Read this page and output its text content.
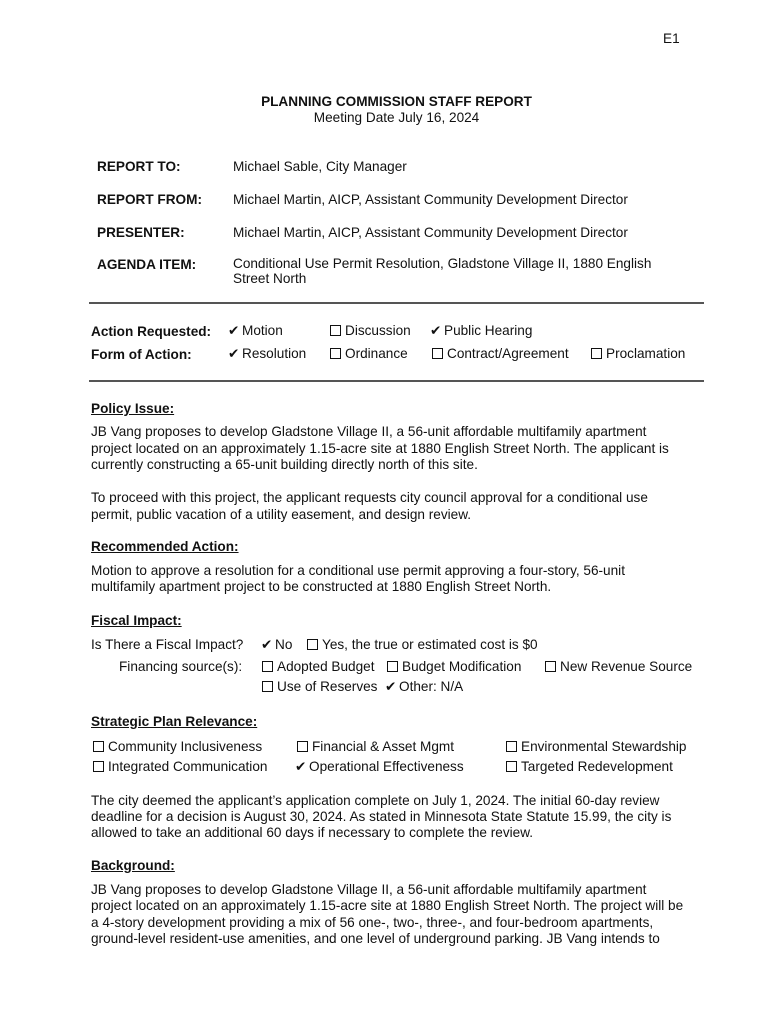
E1
PLANNING COMMISSION STAFF REPORT
Meeting Date July 16, 2024
REPORT TO:	Michael Sable, City Manager
REPORT FROM: Michael Martin, AICP, Assistant Community Development Director
PRESENTER:	Michael Martin, AICP, Assistant Community Development Director
AGENDA ITEM:	Conditional Use Permit Resolution, Gladstone Village II, 1880 English
Street North
Action Requested: ✔ Motion	Discussion ✔ Public Hearing
Form of Action:	✔ Resolution	Ordinance	Contract/Agreement	Proclamation
Policy Issue:
JB Vang proposes to develop Gladstone Village II, a 56-unit affordable multifamily apartment
project located on an approximately 1.15-acre site at 1880 English Street North. The applicant is
currently constructing a 65-unit building directly north of this site.
To proceed with this project, the applicant requests city council approval for a conditional use
permit, public vacation of a utility easement, and design review.
Recommended Action:
Motion to approve a resolution for a conditional use permit approving a four-story, 56-unit
multifamily apartment project to be constructed at 1880 English Street North.
Fiscal Impact:
Is There a Fiscal Impact? ✔ No	Yes, the true or estimated cost is $0
Financing source(s):	Adopted Budget	Budget Modification	New Revenue Source
Use of Reserves ✔ Other: N/A
Strategic Plan Relevance:
Community Inclusiveness	Financial & Asset Mgmt	Environmental Stewardship
Integrated Communication ✔ Operational Effectiveness	Targeted Redevelopment
The city deemed the applicant’s application complete on July 1, 2024. The initial 60-day review
deadline for a decision is August 30, 2024. As stated in Minnesota State Statute 15.99, the city is
allowed to take an additional 60 days if necessary to complete the review.
Background:
JB Vang proposes to develop Gladstone Village II, a 56-unit affordable multifamily apartment
project located on an approximately 1.15-acre site at 1880 English Street North. The project will be
a 4-story development providing a mix of 56 one-, two-, three-, and four-bedroom apartments,
ground-level resident-use amenities, and one level of underground parking. JB Vang intends to
